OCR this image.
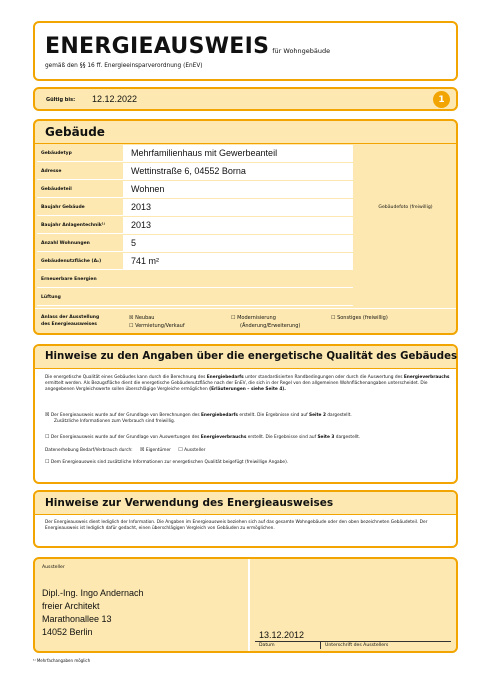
ENERGIEAUSWEIS für Wohngebäude
gemäß den §§ 16 ff. Energieeinsparverordnung (EnEV)
Gültig bis: 12.12.2022	1
Gebäude
Gebäudetyp	Mehrfamilienhaus mit Gewerbeanteil
Adresse	Wettinstraße 6, 04552 Borna
Gebäudeteil	Wohnen
Baujahr Gebäude	2013
Baujahr Anlagentechnik¹⁾	2013
Anzahl Wohnungen	5
Gebäudenutzfläche (Aₙ)	741 m²
Erneuerbare Energien
Lüftung
Gebäudefoto (freiwillig)
Anlass der Ausstellung
des Energieausweises
☒ Neubau
☐ Vermietung/Verkauf
☐ Modernisierung
(Änderung/Erweiterung)
☐ Sonstiges (freiwillig)
Hinweise zu den Angaben über die energetische Qualität des Gebäudes
Die energetische Qualität eines Gebäudes kann durch die Berechnung des Energiebedarfs unter standardisierten Randbedingungen oder durch die Auswertung des Energieverbrauchs ermittelt werden. Als Bezugsfläche dient die energetische Gebäudenutzfläche nach der EnEV, die sich in der Regel von den allgemeinen Wohnflächenangaben unterscheidet. Die angegebenen Vergleichswerte sollen überschlägige Vergleiche ermöglichen (Erläuterungen – siehe Seite 4).
☒ Der Energieausweis wurde auf der Grundlage von Berechnungen des Energiebedarfs erstellt. Die Ergebnisse sind auf Seite 2 dargestellt.
Zusätzliche Informationen zum Verbrauch sind freiwillig.
☐ Der Energieausweis wurde auf der Grundlage von Auswertungen des Energieverbrauchs erstellt. Die Ergebnisse sind auf Seite 3 dargestellt.
Datenerhebung Bedarf/Verbrauch durch: ☒ Eigentümer ☐ Aussteller
☐ Dem Energieausweis sind zusätzliche Informationen zur energetischen Qualität beigefügt (freiwillige Angabe).
Hinweise zur Verwendung des Energieausweises
Der Energieausweis dient lediglich der Information. Die Angaben im Energieausweis beziehen sich auf das gesamte Wohngebäude oder den oben bezeichneten Gebäudeteil. Der Energieausweis ist lediglich dafür gedacht, einen überschlägigen Vergleich von Gebäuden zu ermöglichen.
Aussteller
Dipl.-Ing. Ingo Andernach
freier Architekt
Marathonallee 13
14052 Berlin	13.12.2012
Datum	Unterschrift des Ausstellers
¹⁾ Mehrfachangaben möglich
